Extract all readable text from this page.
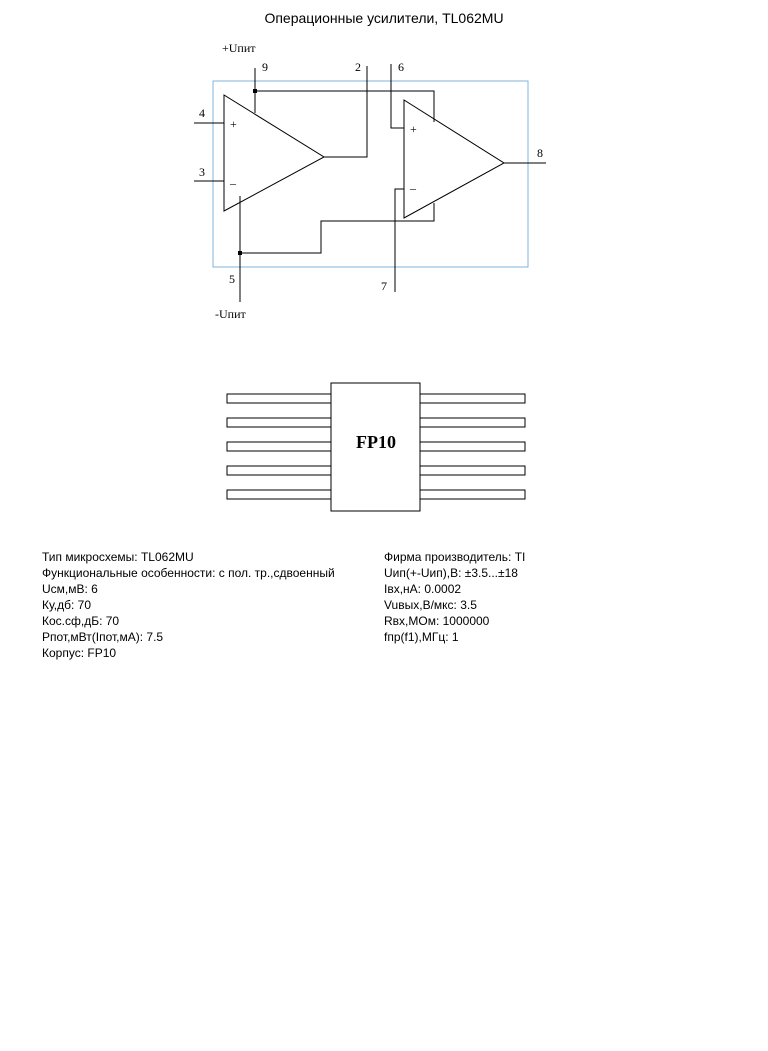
Операционные усилители, TL062MU
+
–
+
–
+Uпит
-Uпит
9	2	6
4
3
8
5	7
FP10
Тип микросхемы: TL062MU
Функциональные особенности: с пол. тр.,сдвоенный
Uсм,мВ: 6
Ку,дб: 70
Кос.сф,дБ: 70
Рпот,мВт(Iпот,мА): 7.5
Корпус: FP10
Фирма производитель: TI
Uип(+-Uип),В: ±3.5...±18
Iвх,нА: 0.0002
Vuвых,В/мкс: 3.5
Rвх,МОм: 1000000
fпр(f1),МГц: 1
